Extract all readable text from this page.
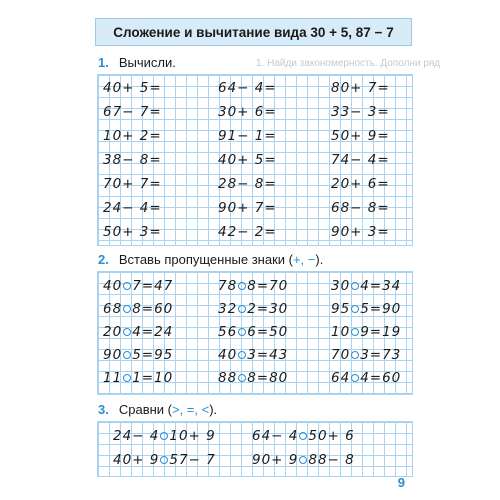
Сложение и вычитание вида 30 + 5, 87 − 7
1. Найди закономерность. Дополни ряд
1. Вычисли.
2. Вставь пропущенные знаки (+, −).
3. Сравни (>, =, <).
40+ 5=
67− 7=
10+ 2=
38− 8=
70+ 7=
24− 4=
50+ 3=
64− 4=
30+ 6=
91− 1=
40+ 5=
28− 8=
90+ 7=
42− 2=
80+ 7=
33− 3=
50+ 9=
74− 4=
20+ 6=
68− 8=
90+ 3=
40 7=47
68 8=60
20 4=24
90 5=95
11 1=10
78 8=70
32 2=30
56 6=50
40 3=43
88 8=80
30 4=34
95 5=90
10 9=19
70 3=73
64 4=60
24− 4 10+ 9	64− 4 50+ 6
40+ 9 57− 7	90+ 9 88− 8
9
